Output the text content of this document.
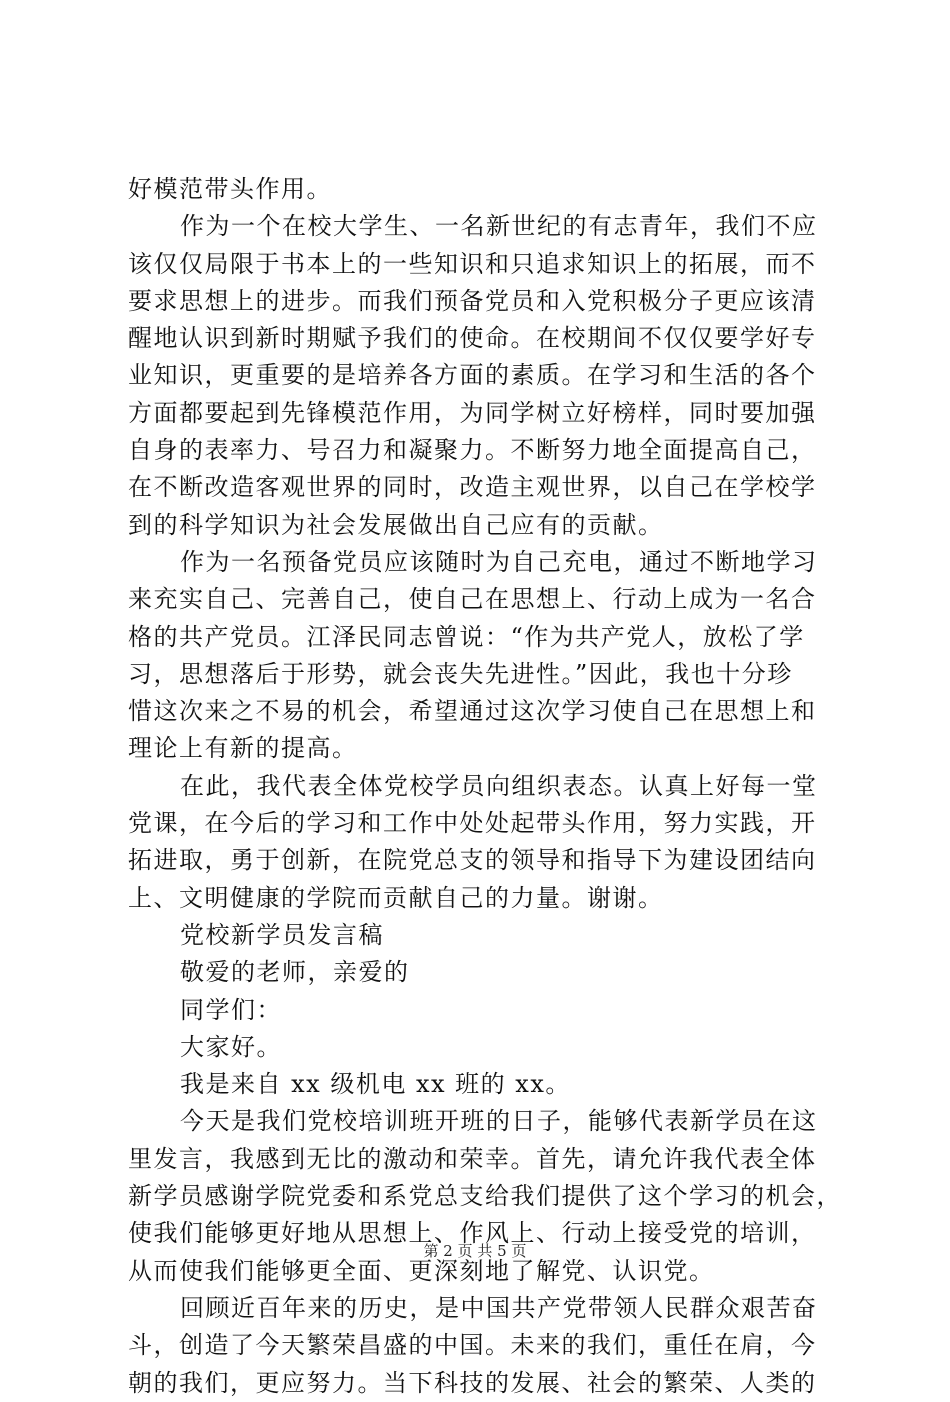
好模范带头作用。
作为一个在校大学生、一名新世纪的有志青年，我们不应
该仅仅局限于书本上的一些知识和只追求知识上的拓展，而不
要求思想上的进步。而我们预备党员和入党积极分子更应该清
醒地认识到新时期赋予我们的使命。在校期间不仅仅要学好专
业知识，更重要的是培养各方面的素质。在学习和生活的各个
方面都要起到先锋模范作用，为同学树立好榜样，同时要加强
自身的表率力、号召力和凝聚力。不断努力地全面提高自己，
在不断改造客观世界的同时，改造主观世界，以自己在学校学
到的科学知识为社会发展做出自己应有的贡献。
作为一名预备党员应该随时为自己充电，通过不断地学习
来充实自己、完善自己，使自己在思想上、行动上成为一名合
格的共产党员。江泽民同志曾说：“作为共产党人，放松了学
习，思想落后于形势，就会丧失先进性。”因此，我也十分珍
惜这次来之不易的机会，希望通过这次学习使自己在思想上和
理论上有新的提高。
在此，我代表全体党校学员向组织表态。认真上好每一堂
党课，在今后的学习和工作中处处起带头作用，努力实践，开
拓进取，勇于创新，在院党总支的领导和指导下为建设团结向
上、文明健康的学院而贡献自己的力量。谢谢。
党校新学员发言稿
敬爱的老师，亲爱的
同学们：
大家好。
我是来自 xx 级机电 xx 班的 xx。
今天是我们党校培训班开班的日子，能够代表新学员在这
里发言，我感到无比的激动和荣幸。首先，请允许我代表全体
新学员感谢学院党委和系党总支给我们提供了这个学习的机会，
使我们能够更好地从思想上、作风上、行动上接受党的培训，
从而使我们能够更全面、更深刻地了解党、认识党。
回顾近百年来的历史，是中国共产党带领人民群众艰苦奋
斗，创造了今天繁荣昌盛的中国。未来的我们，重任在肩，今
朝的我们，更应努力。当下科技的发展、社会的繁荣、人类的
第 2 页 共 5 页
